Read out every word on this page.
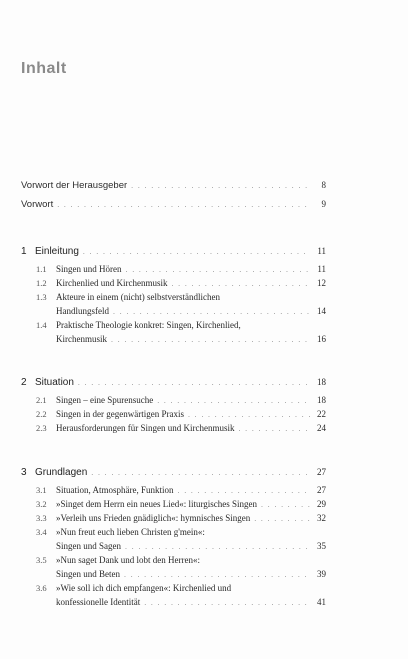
Inhalt
Vorwort der Herausgeber . . .	8
Vorwort . . .	9
1 Einleitung . . .	11
1.1	Singen und Hören . . .	11
1.2	Kirchenlied und Kirchenmusik . . .	12
1.3 Akteure in einem (nicht) selbstverständlichen
Handlungsfeld . . .	14
1.4 Praktische Theologie konkret: Singen, Kirchenlied,
Kirchenmusik . . .	16
2 Situation . . .	18
2.1	Singen – eine Spurensuche . . .	18
2.2	Singen in der gegenwärtigen Praxis . . .	22
2.3	Herausforderungen für Singen und Kirchenmusik . . .	24
3 Grundlagen . . .	27
3.1	Situation, Atmosphäre, Funktion . . .	27
3.2	»Singet dem Herrn ein neues Lied«: liturgisches Singen . . .	29
3.3	»Verleih uns Frieden gnädiglich«: hymnisches Singen . . .	32
3.4 »Nun freut euch lieben Christen g'mein«:
Singen und Sagen . . .	35
3.5 »Nun saget Dank und lobt den Herren«:
Singen und Beten . . .	39
3.6 »Wie soll ich dich empfangen«: Kirchenlied und
konfessionelle Identität . . .	41
